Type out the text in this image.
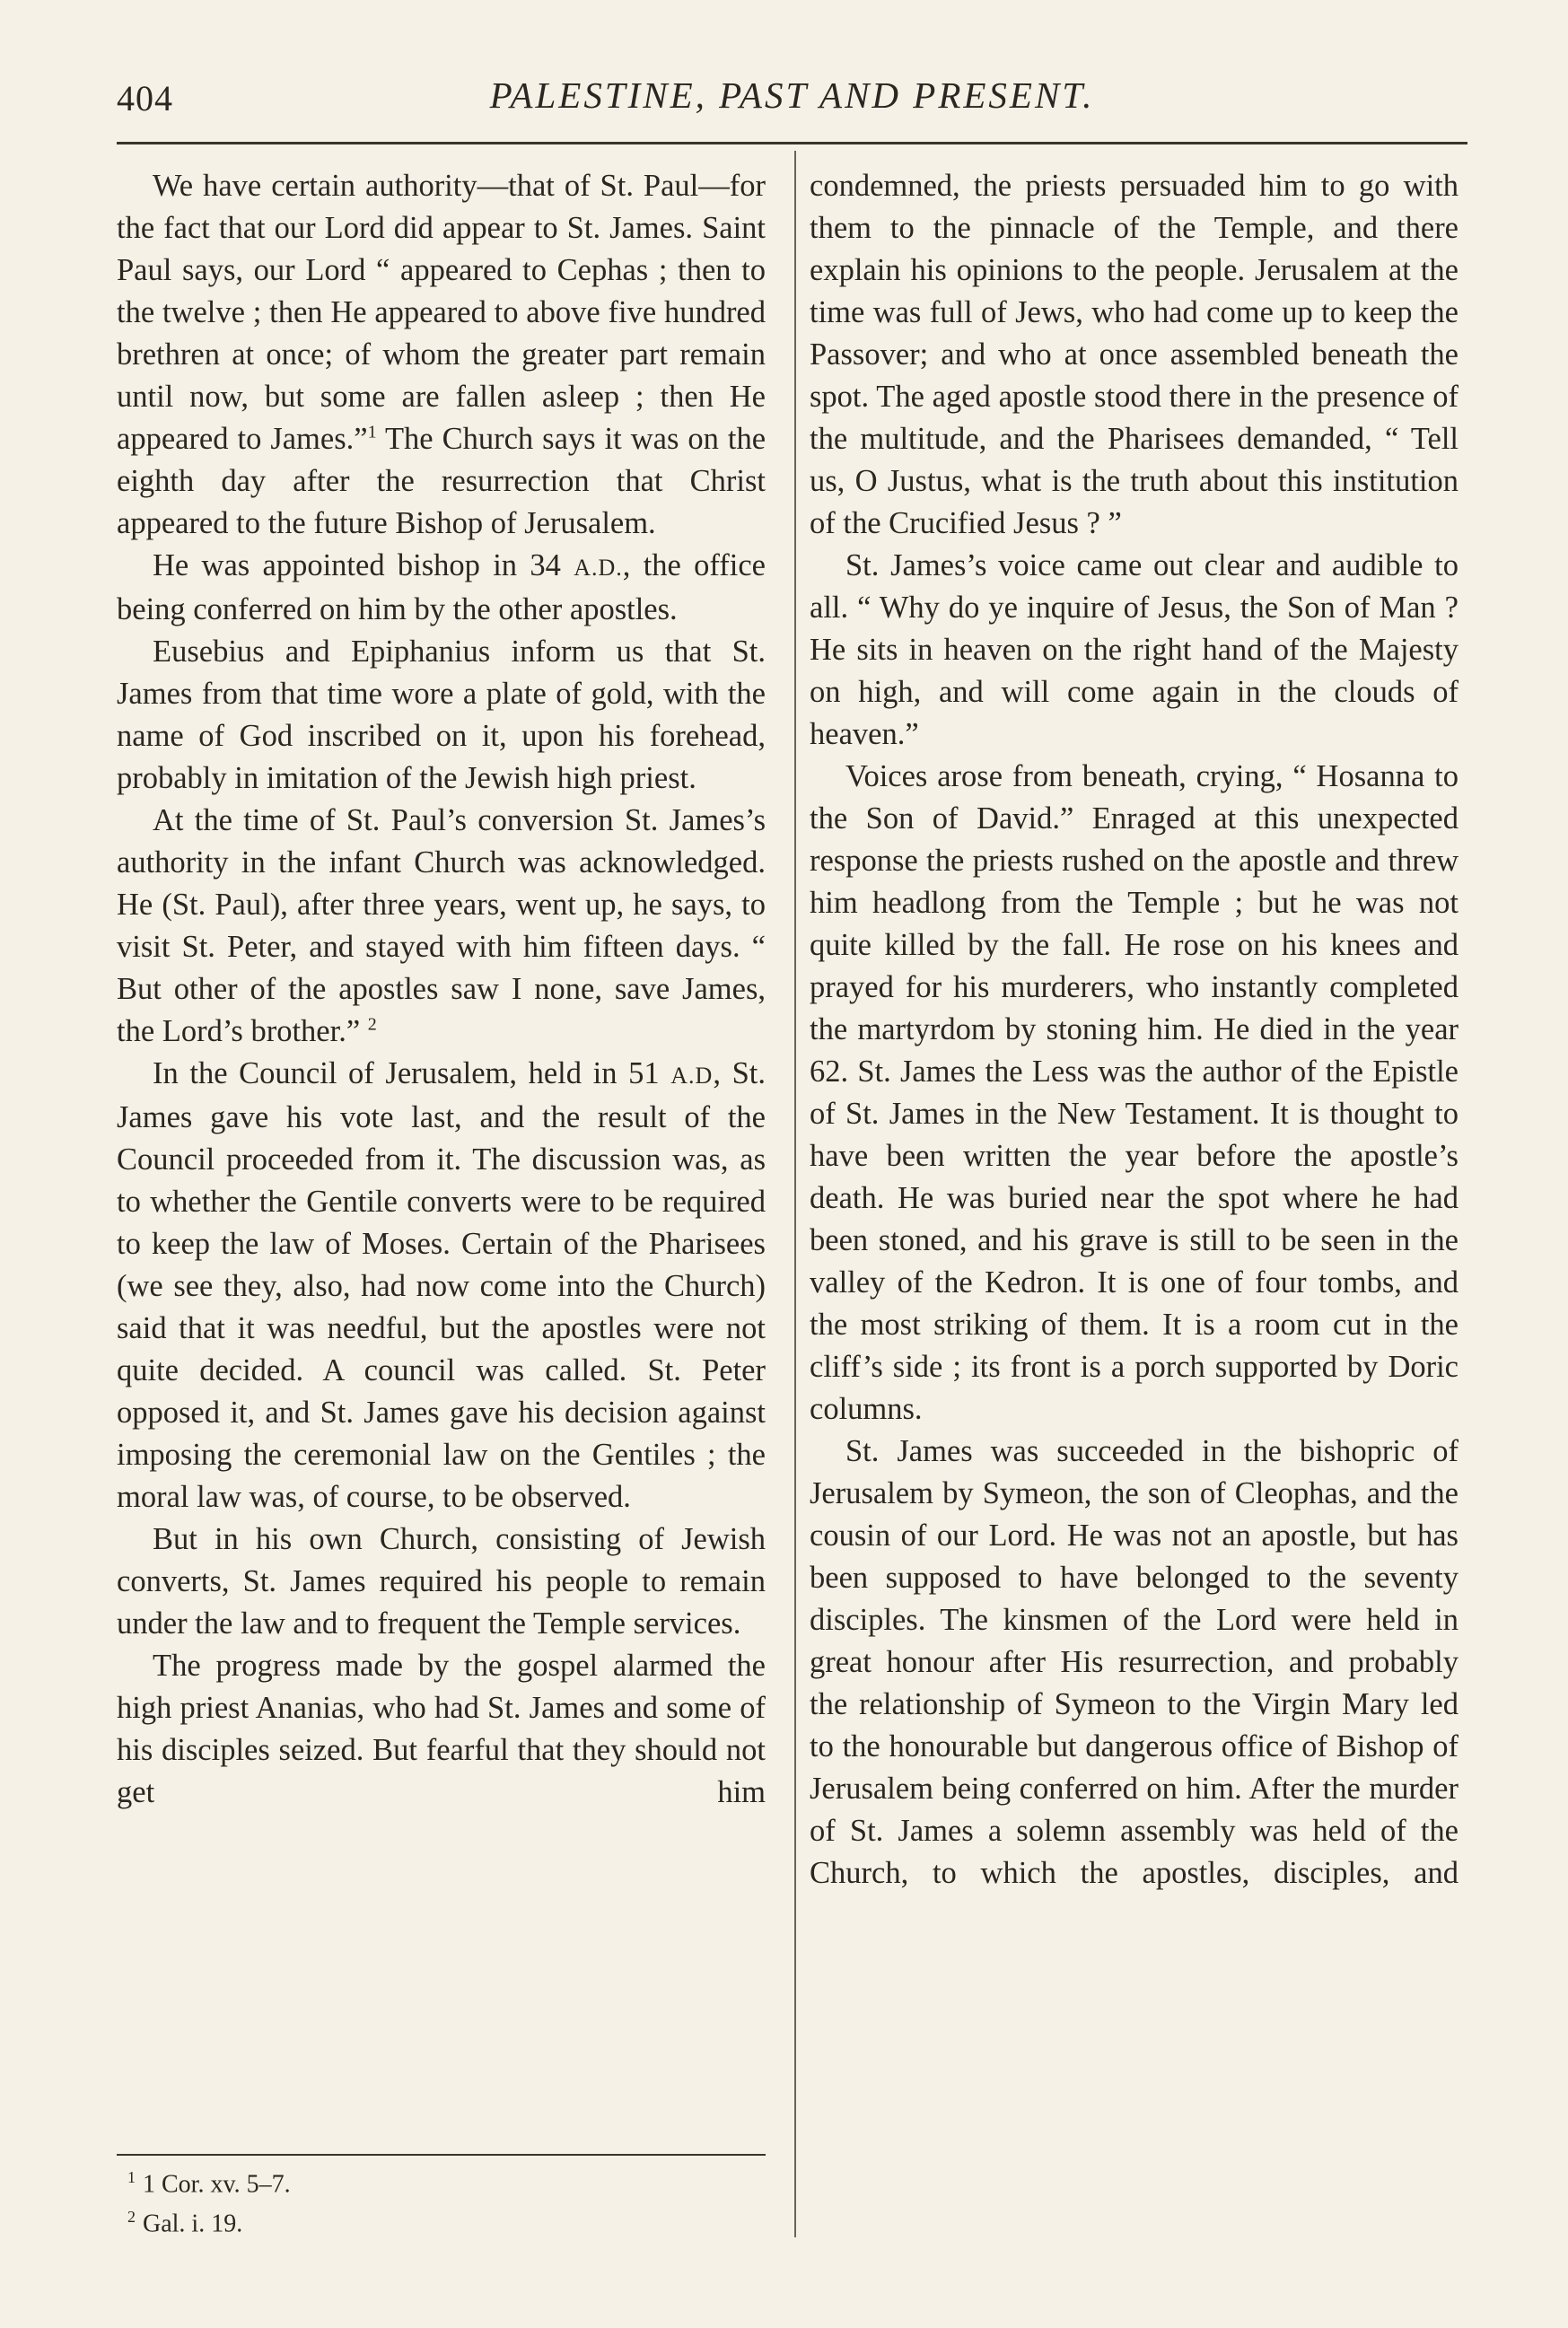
404	PALESTINE, PAST AND PRESENT.

We have certain authority—that of St. Paul—for the fact that our Lord did appear to St. James. Saint Paul says, our Lord “ appeared to Cephas ; then to the twelve ; then He appeared to above five hundred brethren at once; of whom the greater part remain until now, but some are fallen asleep ; then He appeared to James.”$^1$ The Church says it was on the eighth day after the resurrection that Christ appeared to the future Bishop of Jerusalem.

He was appointed bishop in 34 A.D., the office being conferred on him by the other apostles.

Eusebius and Epiphanius inform us that St. James from that time wore a plate of gold, with the name of God inscribed on it, upon his forehead, probably in imitation of the Jewish high priest.

At the time of St. Paul’s conversion St. James’s authority in the infant Church was acknowledged. He (St. Paul), after three years, went up, he says, to visit St. Peter, and stayed with him fifteen days. “ But other of the apostles saw I none, save James, the Lord’s brother.” $^2$

In the Council of Jerusalem, held in 51 A.D, St. James gave his vote last, and the result of the Council proceeded from it. The discussion was, as to whether the Gentile converts were to be required to keep the law of Moses. Certain of the Pharisees (we see they, also, had now come into the Church) said that it was needful, but the apostles were not quite decided. A council was called. St. Peter opposed it, and St. James gave his decision against imposing the ceremonial law on the Gentiles ; the moral law was, of course, to be observed.

But in his own Church, consisting of Jewish converts, St. James required his people to remain under the law and to frequent the Temple services.

The progress made by the gospel alarmed the high priest Ananias, who had St. James and some of his disciples seized. But fearful that they should not get him

condemned, the priests persuaded him to go with them to the pinnacle of the Temple, and there explain his opinions to the people. Jerusalem at the time was full of Jews, who had come up to keep the Passover; and who at once assembled beneath the spot. The aged apostle stood there in the presence of the multitude, and the Pharisees demanded, “ Tell us, O Justus, what is the truth about this institution of the Crucified Jesus ? ”

St. James’s voice came out clear and audible to all. “ Why do ye inquire of Jesus, the Son of Man ? He sits in heaven on the right hand of the Majesty on high, and will come again in the clouds of heaven.”

Voices arose from beneath, crying, “ Hosanna to the Son of David.” Enraged at this unexpected response the priests rushed on the apostle and threw him headlong from the Temple ; but he was not quite killed by the fall. He rose on his knees and prayed for his murderers, who instantly completed the martyrdom by stoning him. He died in the year 62. St. James the Less was the author of the Epistle of St. James in the New Testament. It is thought to have been written the year before the apostle’s death. He was buried near the spot where he had been stoned, and his grave is still to be seen in the valley of the Kedron. It is one of four tombs, and the most striking of them. It is a room cut in the cliff’s side ; its front is a porch supported by Doric columns.

St. James was succeeded in the bishopric of Jerusalem by Symeon, the son of Cleophas, and the cousin of our Lord. He was not an apostle, but has been supposed to have belonged to the seventy disciples. The kinsmen of the Lord were held in great honour after His resurrection, and probably the relationship of Symeon to the Virgin Mary led to the honourable but dangerous office of Bishop of Jerusalem being conferred on him. After the murder of St. James a solemn assembly was held of the Church, to which the apostles, disciples, and

$^1$ 1 Cor. xv. 5–7.
$^2$ Gal. i. 19.
